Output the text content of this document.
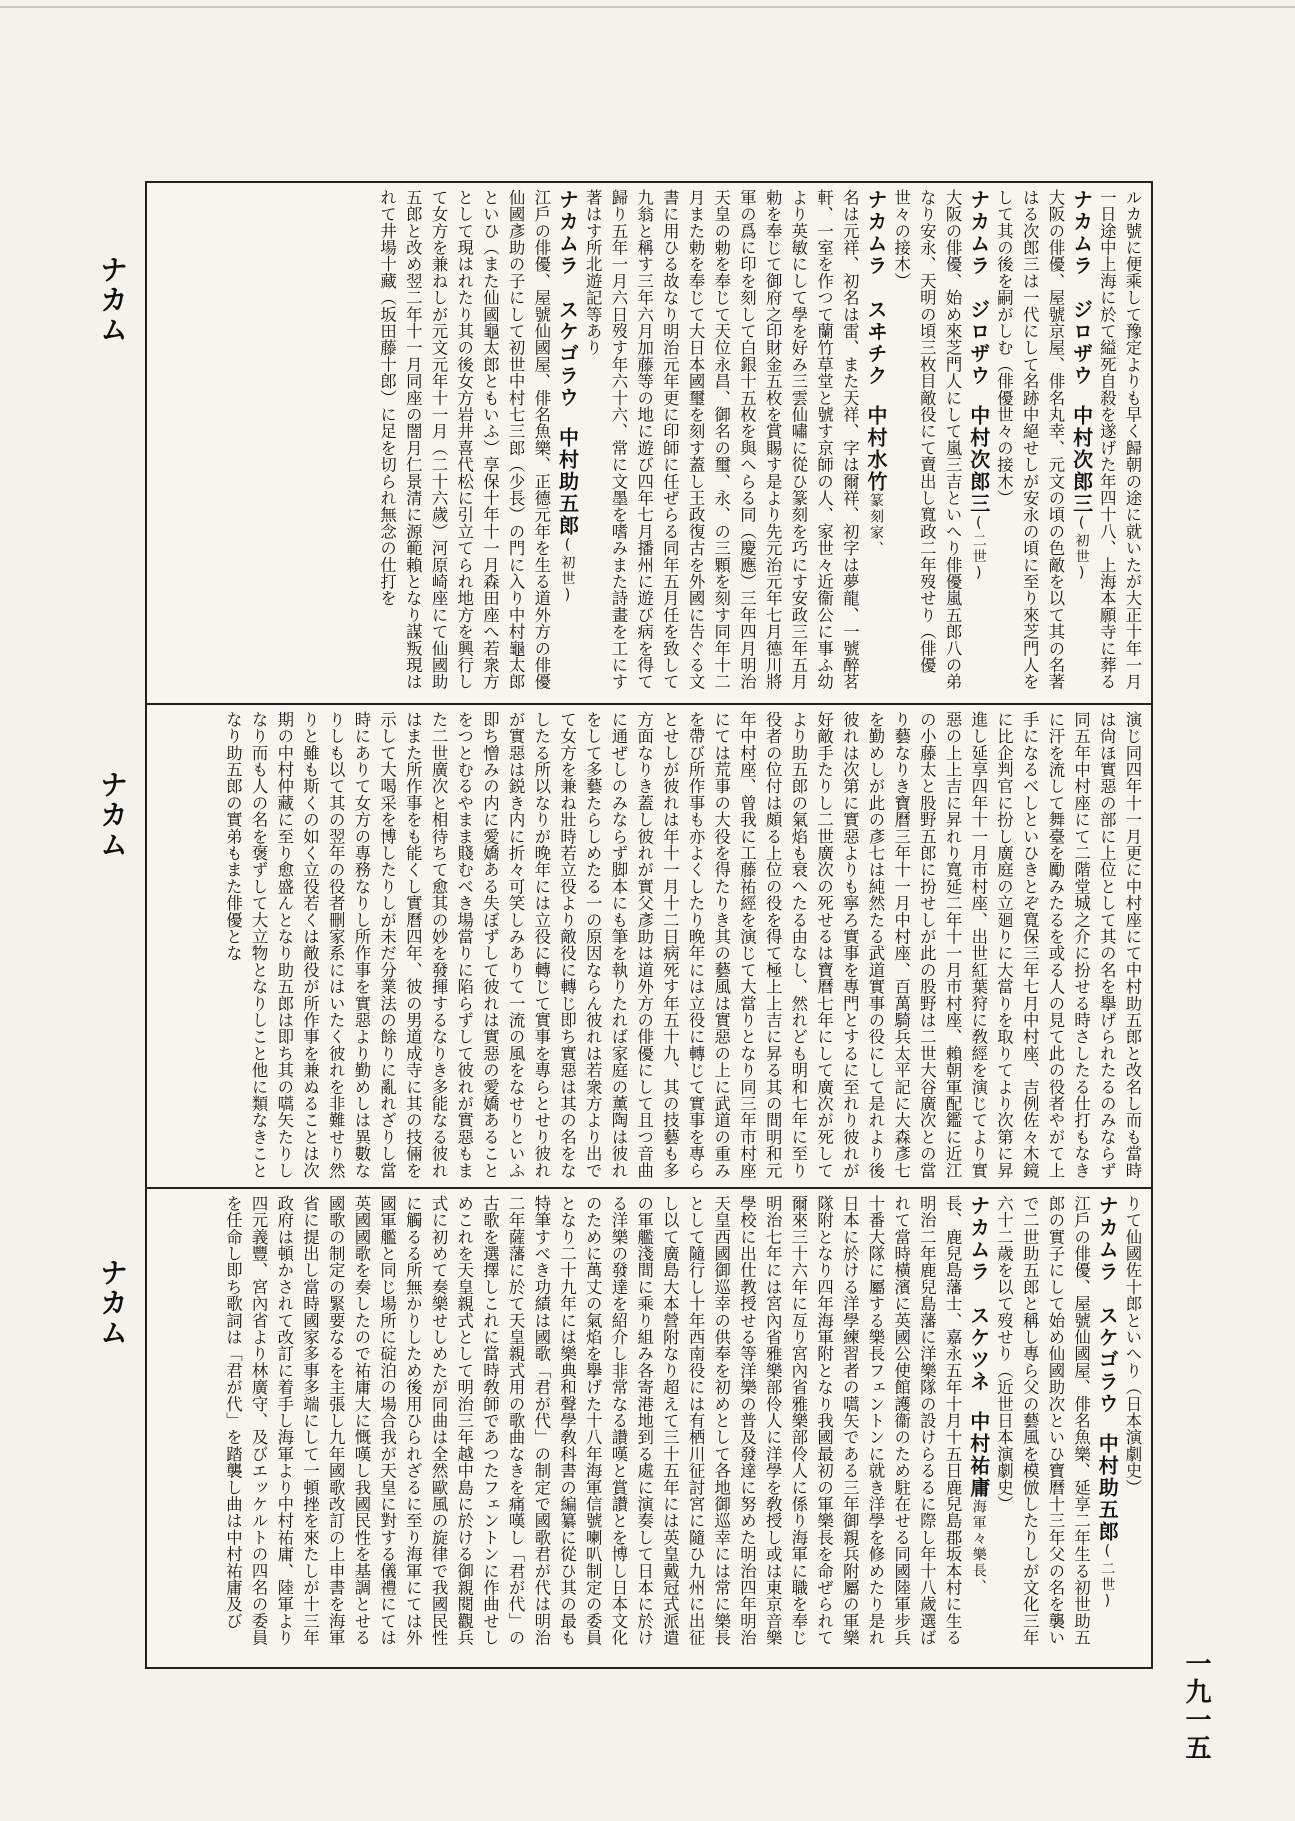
ナカム
ナカム
ナカム

ルカ號に便乘して豫定よりも早く歸朝の途に就いたが大正十年一月一日途中上海に於て縊死自殺を遂げた年四十八、上海本願寺に葬る

ナカムラ　ジロザウ中村次郎三(初世)

大阪の俳優、屋號京屋、俳名丸幸、元文の頃の色敵を以て其の名著はる次郎三は一代にして名跡中絕せしが安永の頃に至り來芝門人をして其の後を嗣がしむ（俳優世々の接木）

ナカムラ　ジロザウ中村次郎三(二世)

大阪の俳優、始め來芝門人にして嵐三吉といへり俳優嵐五郎八の弟なり安永、天明の頃三枚目敵役にて賣出し寬政二年歿せり（俳優世々の接木）

ナカムラ　スヰチク中村水竹篆刻家、

名は元祥、初名は雷、また天祥、字は爾祥、初字は夢龍、一號醉茗軒、一室を作つて蘭竹草堂と號す京師の人、家世々近衞公に事ふ幼より英敏にして學を好み三雲仙嘯に從ひ篆刻を巧にす安政三年五月勅を奉じて御府之印財金五枚を賞賜す是より先元治元年七月德川將軍の爲に印を刻して白銀十五枚を與へらる同（慶應）三年四月明治天皇の勅を奉じて天位永昌、御名の璽、永、の三顆を刻す同年十二月また勅を奉じて大日本國璽を刻す蓋し王政復古を外國に告ぐる文書に用ひる故なり明治元年更に印師に任ぜらる同年五月任を致して九翁と稱す三年六月加藤等の地に遊び四年七月播州に遊び病を得て歸り五年一月六日歿す年六十六、常に文墨を嗜みまた詩畫を工にす著はす所北遊記等あり

ナカムラ　スケゴラウ中村助五郎(初世)

江戶の俳優、屋號仙國屋、俳名魚樂、正德元年を生る道外方の俳優仙國彥助の子にして初世中村七三郎（少長）の門に入り中村龜太郎といひ（また仙國龜太郎ともいふ）享保十年十一月森田座へ若衆方として現はれたり其の後女方岩井喜代松に引立てられ地方を興行して女方を兼ねしが元文元年十一月（二十六歲）河原崎座にて仙國助五郎と改め翌二年十一月同座の闇月仁景清に源範賴となり謀叛現はれて井場十藏（坂田藤十郎）に足を切られ無念の仕打を

演じ同四年十一月更に中村座にて中村助五郎と改名し而も當時は尙ほ實惡の部に上位として其の名を擧げられたるのみならず同五年中村座にて二階堂城之介に扮せる時さしたる仕打もなきに汗を流して舞臺を勵みたるを或る人の見て此の役者やがて上手になるべしといひきとぞ寬保三年七月中村座、吉例佐々木鏡に比企判官に扮し廣庭の立廻りに大當りを取りてより次第に昇進し延享四年十一月市村座、出世紅葉狩に敎經を演じてより實惡の上上吉に昇れり寬延二年十一月市村座、賴朝軍配鑑に近江の小藤太と股野五郎に扮せしが此の股野は二世大谷廣次との當り藝なりき寶曆三年十一月中村座、百萬騎兵太平記に大森彥七を勤めしが此の彥七は純然たる武道實事の役にして是れより後彼れは次第に實惡よりも寧ろ實事を專門とするに至れり彼れが好敵手たりし二世廣次の死せるは寶曆七年にして廣次が死してより助五郎の氣焰も衰へたる由なし、然れども明和七年に至り役者の位付は頗る上位の役を得て極上上吉に昇る其の間明和元年中村座、曾我に工藤祐經を演じて大當りとなり同三年市村座にては荒事の大役を得たりき其の藝風は實惡の上に武道の重みを帶び所作事も亦よくしたり晚年には立役に轉じて實事を專らとせしが彼れは年十一月十二日病死す年五十九、其の技藝も多方面なりき蓋し彼れが實父彥助は道外方の俳優にして且つ音曲に通ぜしのみならず脚本にも筆を執りたれば家庭の薰陶は彼れをして多藝たらしめたる一の原因ならん彼れは若衆方より出でて女方を兼ね壯時若立役より敵役に轉じ即ち實惡は其の名をなしたる所以なりが晚年には立役に轉じて實事を專らとせり彼れが實惡は鋭き内に折々可笑しみありて一流の風をなせりといふ即ち憎みの内に愛嬌ある失ぼずして彼れは實惡の愛嬌あることをつとむるやまま賤むべき場當りに陷らずして彼れが實惡もまた二世廣次と相待ちて愈其の妙を發揮するなりき多能なる彼れはまた所作事をも能くし實曆四年、彼の男道成寺に其の技倆を示して大喝采を博したりしが未だ分業法の餘りに亂れざりし當時にありて女方の專務なりし所作事を實惡より勤めしは異數なりしも以て其の翌年の役者刪家系にはいたく彼れを非難せり然りと雖も斯くの如く立役若くは敵役が所作事を兼ぬることは次期の中村仲藏に至り愈盛んとなり助五郎は即ち其の嚆矢たりしなり而も人の名を褒ずして大立物となりしこと他に類なきことなり助五郎の實弟もまた俳優とな

りて仙國佐十郎といへり（日本演劇史）

ナカムラ　スケゴラウ中村助五郎(二世)

江戶の俳優、屋號仙國屋、俳名魚樂、延享二年生る初世助五郎の實子にして始め仙國助次といひ寶曆十三年父の名を襲いで二世助五郎と稱し專ら父の藝風を模倣したりしが文化三年六十二歲を以て歿せり（近世日本演劇史）

ナカムラ　スケツネ中村祐庸海軍々樂長、

長、鹿兒島藩士、嘉永五年十月十五日鹿兒島郡坂本村に生る明治二年鹿兒島藩に洋樂隊の設けらるるに際し年十八歲選ばれて當時橫濱に英國公使館護衞のため駐在せる同國陸軍步兵十番大隊に屬する樂長フェントンに就き洋學を修めたり是れ日本に於ける洋學練習者の嚆矢である三年御親兵附屬の軍樂隊附となり四年海軍附となり我國最初の軍樂長を命ぜられて爾來三十六年に亙り宮內省雅樂部伶人に係り海軍に職を奉じ明治七年には宮內省雅樂部伶人に洋學を敎授し或は東京音樂學校に出仕教授せる等洋樂の普及發達に努めた明治四年明治天皇西國御巡幸の供奉を初めとして各地御巡幸には常に樂長として隨行し十年西南役には有栖川征討宮に隨ひ九州に出征し以て廣島大本營附なり超えて三十五年には英皇戴冠式派遣の軍艦淺間に乘り組み各寄港地到る處に演奏して日本に於ける洋樂の發達を紹介し非常なる讚嘆と賞讚とを博し日本文化のために萬丈の氣焰を擧げた十八年海軍信號喇叭制定の委員となり二十九年には樂典和聲學敎科書の編纂に從ひ其の最も特筆すべき功績は國歌「君が代」の制定で國歌君が代は明治二年薩藩に於て天皇親式用の歌曲なきを痛嘆し「君が代」の古歌を選擇しこれに當時敎師であつたフェントンに作曲せしめこれを天皇親式として明治三年越中島に於ける御親閱觀兵式に初めて奏樂せしめたが同曲は全然歐風の旋律で我國民性に觸るる所無かりしため後用ひられざるに至り海軍にては外國軍艦と同じ場所に碇泊の場合我が天皇に對する儀禮にては英國國歌を奏したので祐庸大に慨嘆し我國民性を基調とせる國歌の制定の緊要なるを主張し九年國歌改訂の上申書を海軍省に提出し當時國家多事多端にして一頓挫を來たしが十三年政府は頓かされて改訂に着手し海軍より中村祐庸、陸軍より四元義豐、宮內省より林廣守、及びエッケルトの四名の委員を任命し即ち歌詞は「君が代」を踏襲し曲は中村祐庸及び

一九一五
